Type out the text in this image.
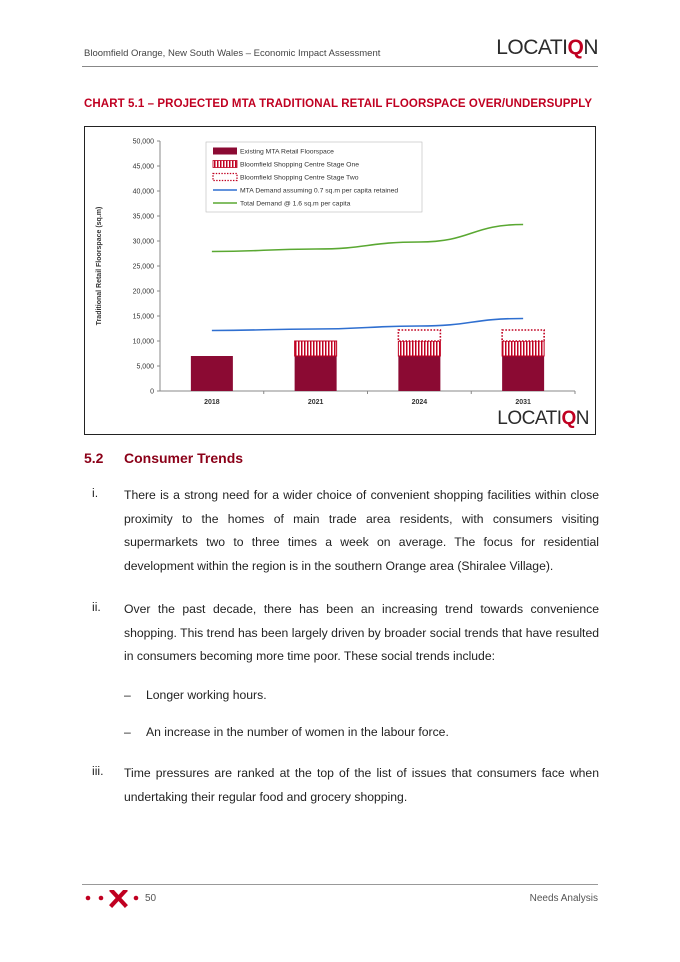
Bloomfield Orange, New South Wales – Economic Impact Assessment	LOCATIQN
CHART 5.1 – PROJECTED MTA TRADITIONAL RETAIL FLOORSPACE OVER/UNDERSUPPLY
0
5,000
10,000
15,000
20,000
25,000
30,000
35,000
40,000
45,000
50,000
Traditional Retail Floorspace (sq.m)
2018	2021	2024	2031
Existing MTA Retail Floorspace
Bloomfield Shopping Centre Stage One
Bloomfield Shopping Centre Stage Two
MTA Demand assuming 0.7 sq.m per capita retained
Total Demand @ 1.6 sq.m per capita
LOCATIQN
5.2 Consumer Trends
i. There is a strong need for a wider choice of convenient shopping facilities within close proximity to the homes of main trade area residents, with consumers visiting supermarkets two to three times a week on average. The focus for residential development within the region is in the southern Orange area (Shiralee Village).
ii. Over the past decade, there has been an increasing trend towards convenience shopping. This trend has been largely driven by broader social trends that have resulted in consumers becoming more time poor. These social trends include:
– Longer working hours.
– An increase in the number of women in the labour force.
iii. Time pressures are ranked at the top of the list of issues that consumers face when undertaking their regular food and grocery shopping.
50	Needs Analysis
